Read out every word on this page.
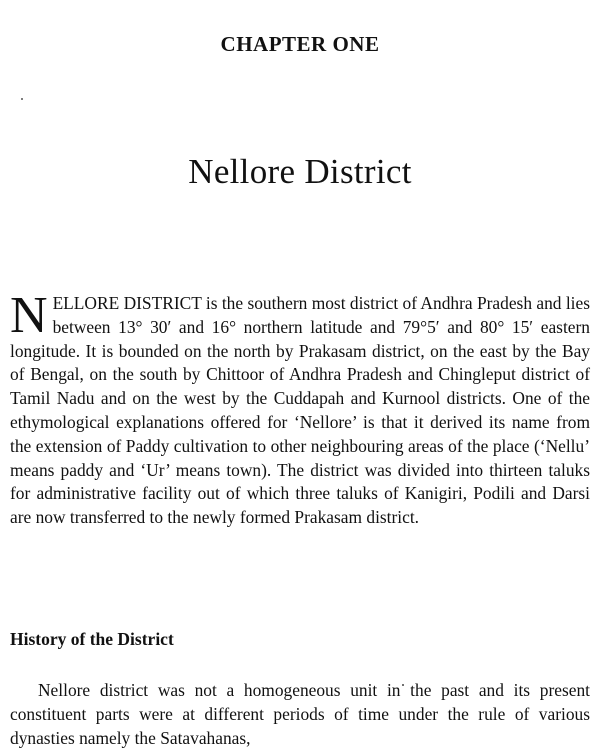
CHAPTER ONE
Nellore District

NELLORE DISTRICT is the southern most district of Andhra Pradesh and lies between 13° 30′ and 16° northern latitude and 79°5′ and 80° 15′ eastern longitude. It is bounded on the north by Prakasam district, on the east by the Bay of Bengal, on the south by Chittoor of Andhra Pradesh and Chingleput district of Tamil Nadu and on the west by the Cuddapah and Kurnool districts. One of the ethymological explanations offered for ‘Nellore’ is that it derived its name from the extension of Paddy cultivation to other neighbouring areas of the place (‘Nellu’ means paddy and ‘Ur’ means town). The district was divided into thirteen taluks for administrative facility out of which three taluks of Kanigiri, Podili and Darsi are now transferred to the newly formed Prakasam district.

History of the District

Nellore district was not a homogeneous unit in the past and its present constituent parts were at different periods of time under the rule of various dynasties namely the Satavahanas,
